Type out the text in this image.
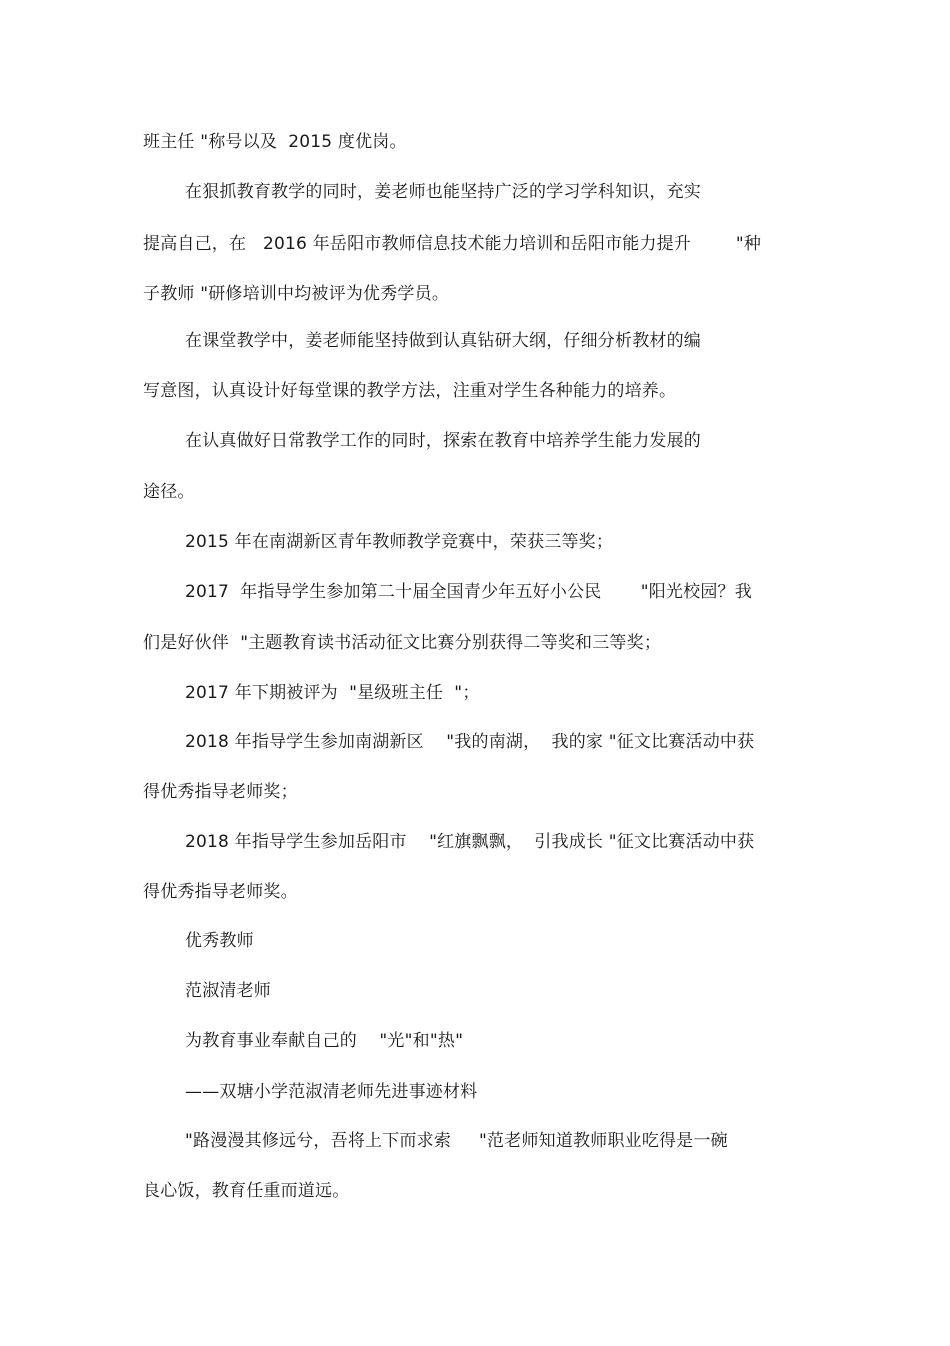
班主任 "称号以及  2015 度优岗。
在狠抓教育教学的同时，姜老师也能坚持广泛的学习学科知识，充实
提高自己，在   2016 年岳阳市教师信息技术能力培训和岳阳市能力提升        "种
子教师 "研修培训中均被评为优秀学员。
在课堂教学中，姜老师能坚持做到认真钻研大纲，仔细分析教材的编
写意图，认真设计好每堂课的教学方法，注重对学生各种能力的培养。
在认真做好日常教学工作的同时，探索在教育中培养学生能力发展的
途径。
2015 年在南湖新区青年教师教学竞赛中，荣获三等奖；
2017  年指导学生参加第二十届全国青少年五好小公民       "阳光校园？我
们是好伙伴  "主题教育读书活动征文比赛分别获得二等奖和三等奖；
2017 年下期被评为  "星级班主任  "；
2018 年指导学生参加南湖新区    "我的南湖，  我的家 "征文比赛活动中获
得优秀指导老师奖；
2018 年指导学生参加岳阳市    "红旗飘飘，  引我成长 "征文比赛活动中获
得优秀指导老师奖。
优秀教师
范淑清老师
为教育事业奉献自己的    "光"和"热"
——双塘小学范淑清老师先进事迹材料
"路漫漫其修远兮，吾将上下而求索     "范老师知道教师职业吃得是一碗
良心饭，教育任重而道远。
